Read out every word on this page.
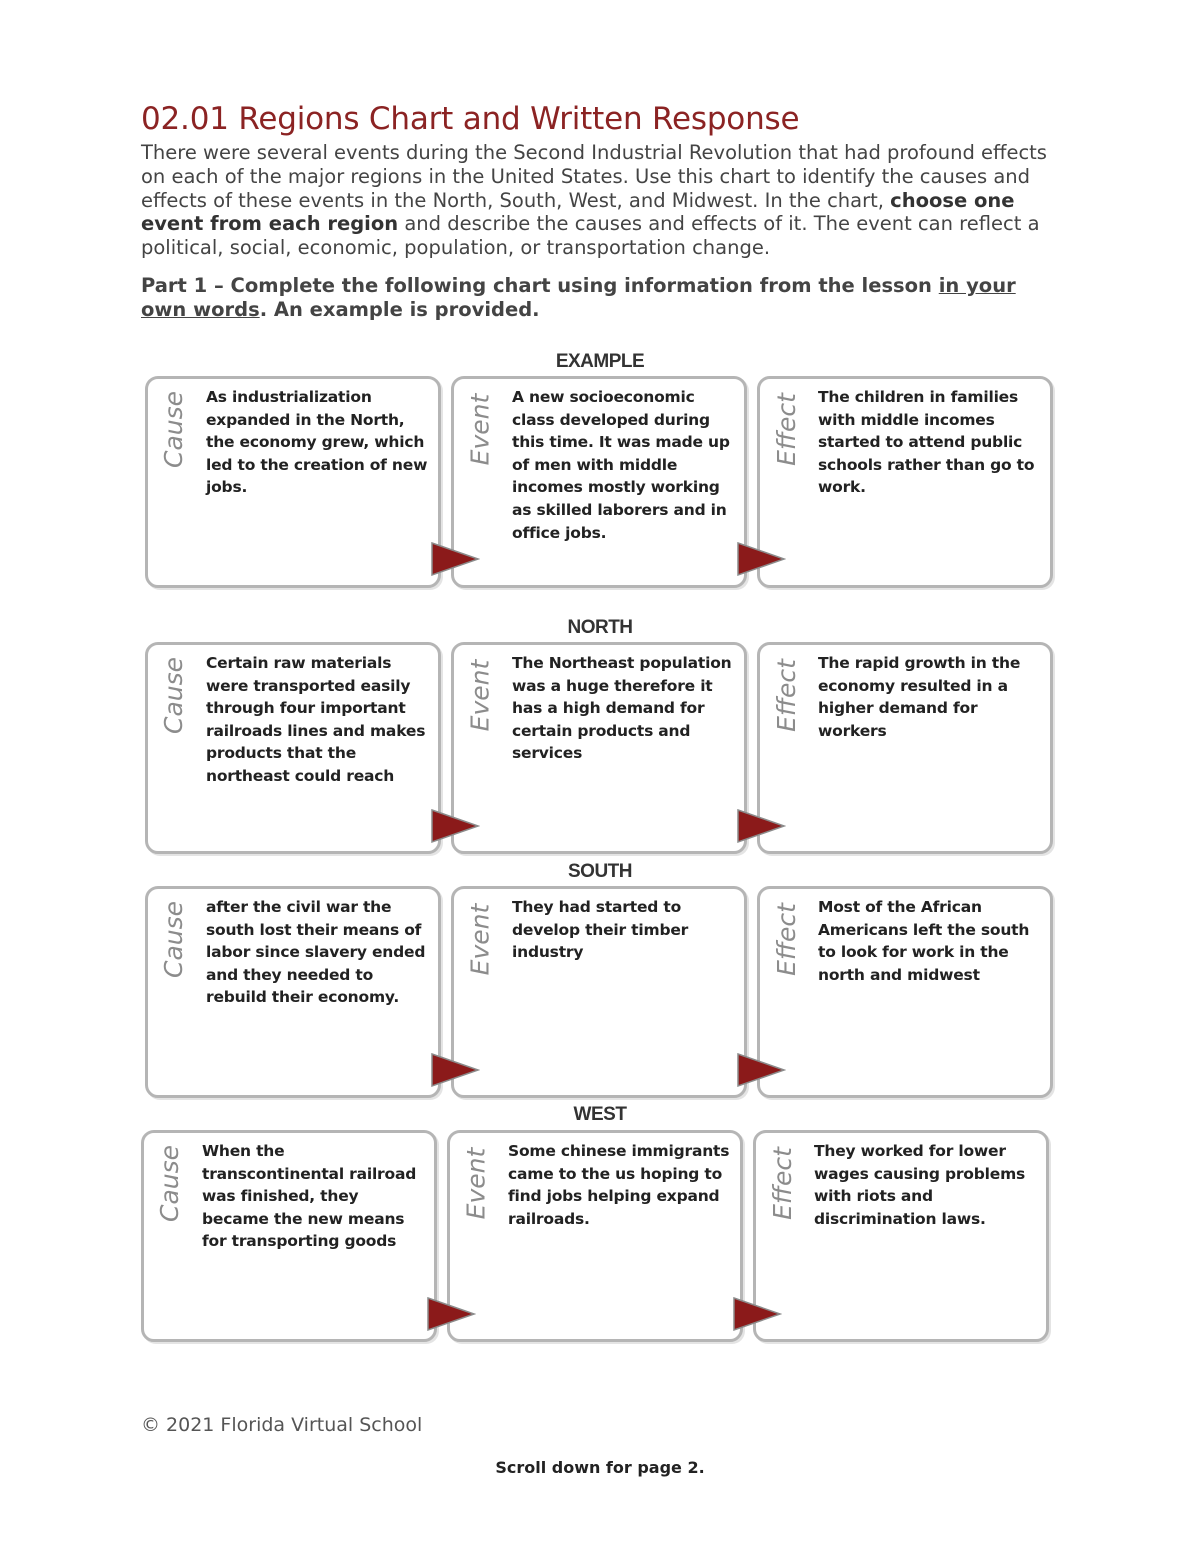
02.01 Regions Chart and Written Response

There were several events during the Second Industrial Revolution that had profound effects on each of the major regions in the United States. Use this chart to identify the causes and effects of these events in the North, South, West, and Midwest. In the chart, choose one event from each region and describe the causes and effects of it. The event can reflect a political, social, economic, population, or transportation change.

Part 1 – Complete the following chart using information from the lesson in your own words. An example is provided.

EXAMPLE
Cause As industrialization expanded in the North, the economy grew, which led to the creation of new jobs.

Event A new socioeconomic class developed during this time. It was made up of men with middle incomes mostly working as skilled laborers and in office jobs.

Effect The children in families with middle incomes started to attend public schools rather than go to work.

NORTH
Cause Certain raw materials were transported easily through four important railroads lines and makes products that the northeast could reach

Event The Northeast population was a huge therefore it has a high demand for certain products and services

Effect The rapid growth in the economy resulted in a higher demand for workers

SOUTH
Cause after the civil war the south lost their means of labor since slavery ended and they needed to rebuild their economy.

Event They had started to develop their timber industry	Effect Most of the African Americans left the south to look for work in the north and midwest

WEST
Cause When the transcontinental railroad was finished, they became the new means for transporting goods

Event Some chinese immigrants came to the us hoping to find jobs helping expand railroads.	Effect They worked for lower wages causing problems with riots and discrimination laws.

© 2021 Florida Virtual School
Scroll down for page 2.
